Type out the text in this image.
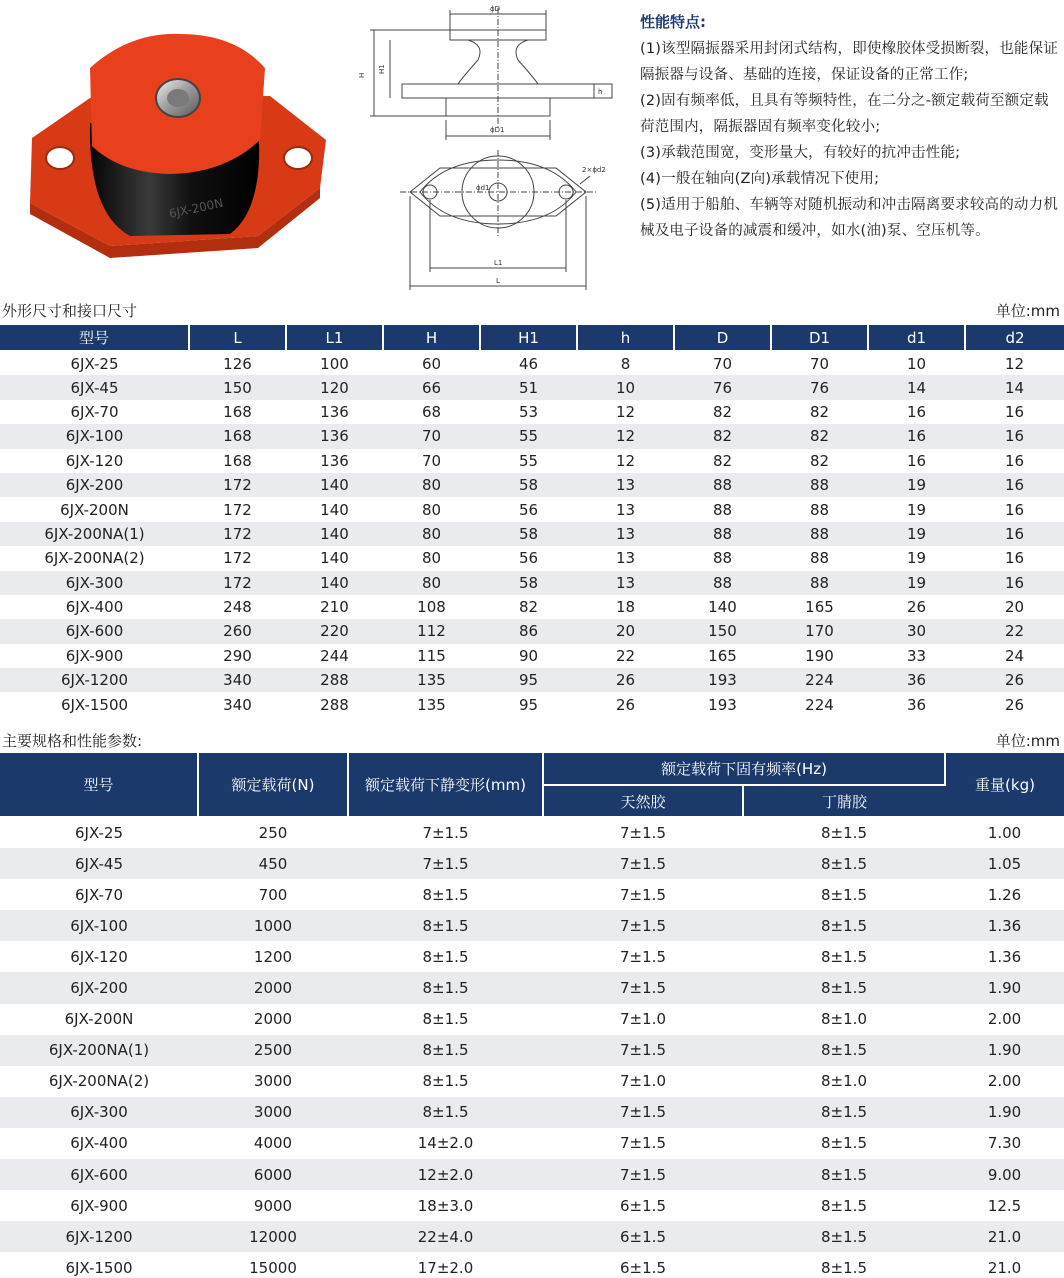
6JX-200N
ϕD
H
H1
h
ϕD1
ϕd1
2×ϕd2
L1
L
性能特点:
(1)该型隔振器采用封闭式结构，即使橡胶体受损断裂，也能保证隔振器与设备、基础的连接，保证设备的正常工作;
(2)固有频率低，且具有等频特性，在二分之-额定载荷至额定载荷范围内，隔振器固有频率变化较小;
(3)承载范围宽，变形量大，有较好的抗冲击性能;
(4)一般在轴向(Z向)承载情况下使用;
(5)适用于船舶、车辆等对随机振动和冲击隔离要求较高的动力机械及电子设备的减震和缓冲，如水(油)泵、空压机等。
外形尺寸和接口尺寸	单位:mm
型号	L	L1	H	H1	h	D	D1	d1	d2
6JX-25	126	100	60	46	8	70	70	10	12
6JX-45	150	120	66	51	10	76	76	14	14
6JX-70	168	136	68	53	12	82	82	16	16
6JX-100	168	136	70	55	12	82	82	16	16
6JX-120	168	136	70	55	12	82	82	16	16
6JX-200	172	140	80	58	13	88	88	19	16
6JX-200N	172	140	80	56	13	88	88	19	16
6JX-200NA(1)	172	140	80	58	13	88	88	19	16
6JX-200NA(2)	172	140	80	56	13	88	88	19	16
6JX-300	172	140	80	58	13	88	88	19	16
6JX-400	248	210	108	82	18	140	165	26	20
6JX-600	260	220	112	86	20	150	170	30	22
6JX-900	290	244	115	90	22	165	190	33	24
6JX-1200	340	288	135	95	26	193	224	36	26
6JX-1500	340	288	135	95	26	193	224	36	26
主要规格和性能参数:	单位:mm
型号	额定载荷(N)	额定载荷下静变形(mm)	额定载荷下固有频率(Hz)		重量(kg)
			天然胶	丁腈胶	
6JX-25	250	7±1.5	7±1.5	8±1.5	1.00
6JX-45	450	7±1.5	7±1.5	8±1.5	1.05
6JX-70	700	8±1.5	7±1.5	8±1.5	1.26
6JX-100	1000	8±1.5	7±1.5	8±1.5	1.36
6JX-120	1200	8±1.5	7±1.5	8±1.5	1.36
6JX-200	2000	8±1.5	7±1.5	8±1.5	1.90
6JX-200N	2000	8±1.5	7±1.0	8±1.0	2.00
6JX-200NA(1)	2500	8±1.5	7±1.5	8±1.5	1.90
6JX-200NA(2)	3000	8±1.5	7±1.0	8±1.0	2.00
6JX-300	3000	8±1.5	7±1.5	8±1.5	1.90
6JX-400	4000	14±2.0	7±1.5	8±1.5	7.30
6JX-600	6000	12±2.0	7±1.5	8±1.5	9.00
6JX-900	9000	18±3.0	6±1.5	8±1.5	12.5
6JX-1200	12000	22±4.0	6±1.5	8±1.5	21.0
6JX-1500	15000	17±2.0	6±1.5	8±1.5	21.0
